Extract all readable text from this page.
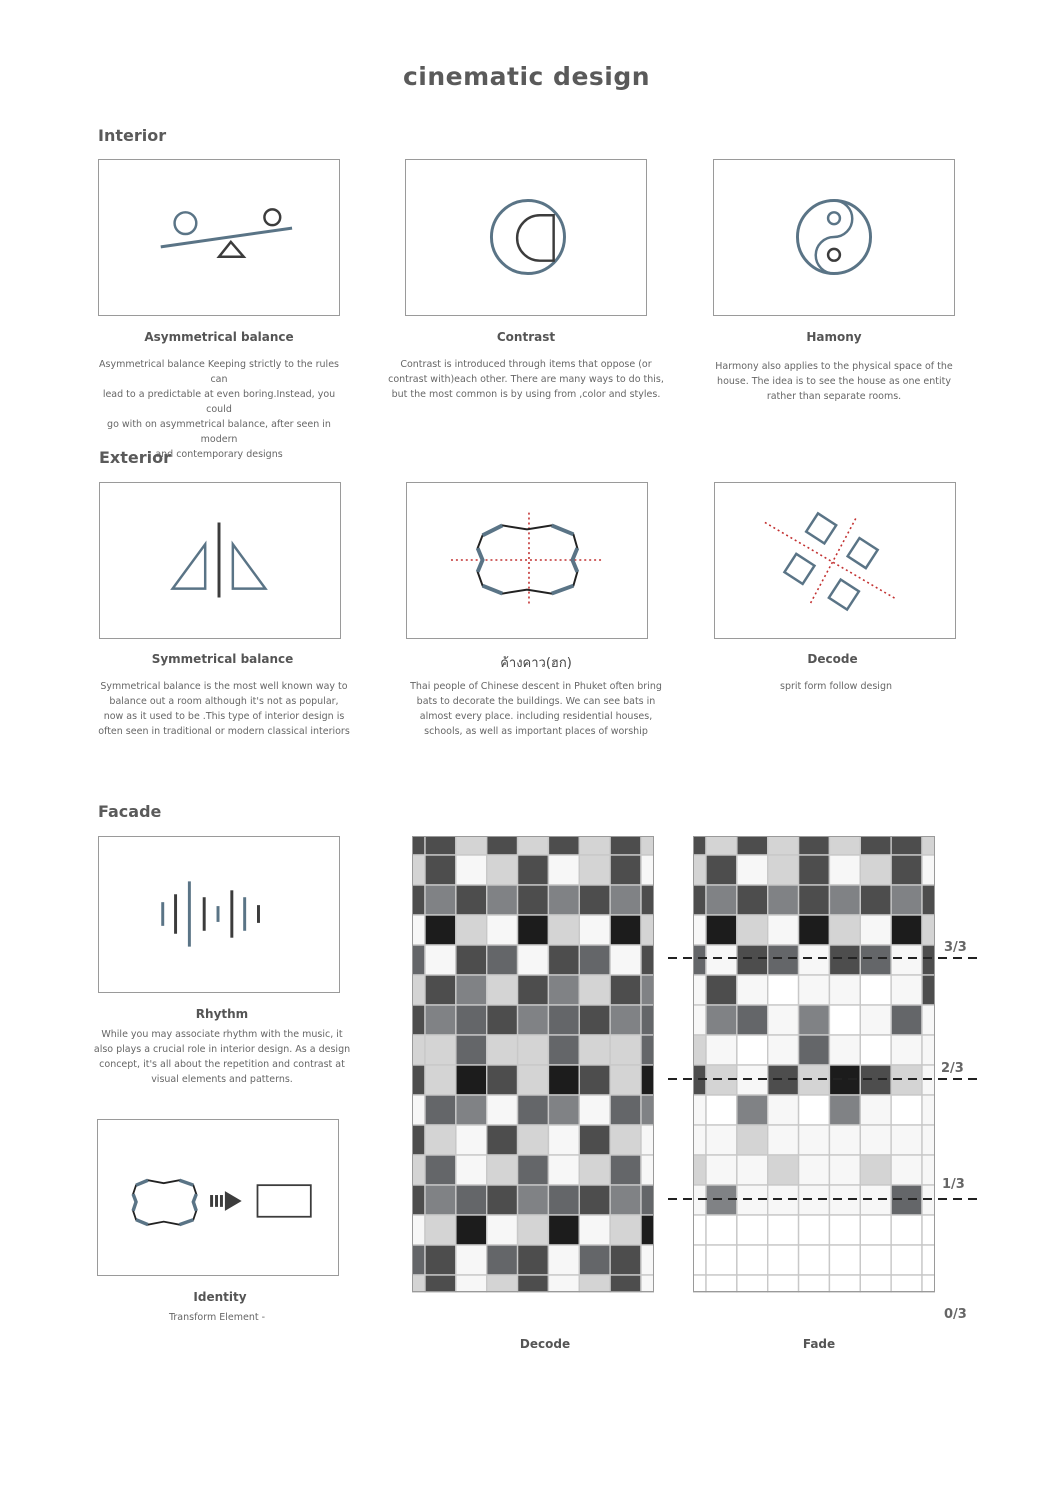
cinematic design
Interior
Asymmetrical balance
Asymmetrical balance Keeping strictly to the rules can
lead to a predictable at even boring.Instead, you could
go with on asymmetrical balance, after seen in modern
and contemporary designs
Contrast
Contrast is introduced through items that oppose (or
contrast with)each other. There are many ways to do this,
but the most common is by using from ,color and styles.
Hamony
Harmony also applies to the physical space of the
house. The idea is to see the house as one entity
rather than separate rooms.
Exterior
Symmetrical balance
Symmetrical balance is the most well known way to
balance out a room although it's not as popular,
now as it used to be .This type of interior design is
often seen in traditional or modern classical interiors
ค้างคาว(ฮก)
Thai people of Chinese descent in Phuket often bring
bats to decorate the buildings. We can see bats in
almost every place. including residential houses,
schools, as well as important places of worship
Decode
sprit form follow design
Facade
Rhythm
While you may associate rhythm with the music, it
also plays a crucial role in interior design. As a design
concept, it's all about the repetition and contrast at
visual elements and patterns.
Identity
Transform Element -
Decode	Fade
3/3
2/3
1/3
0/3
